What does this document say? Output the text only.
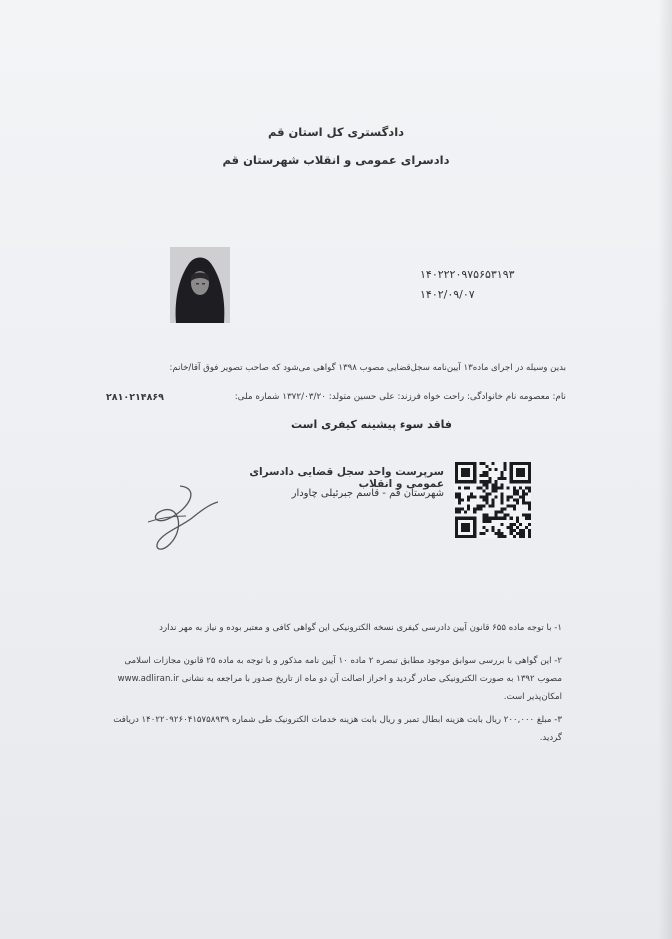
دادگستری کل استان قم
دادسرای عمومی و انقلاب شهرستان قم
۱۴۰۲۲۲۰۹۷۵۶۵۳۱۹۳
۱۴۰۲/۰۹/۰۷
بدین وسیله در اجرای ماده۱۳ آیین‌نامه سجل‌قضایی مصوب ۱۳۹۸ گواهی می‌شود که صاحب تصویر فوق آقا/خانم:
نام: معصومه نام خانوادگی: راحت خواه فرزند: علی حسین متولد: ۱۳۷۲/۰۳/۲۰ شماره ملی:
۲۸۱۰۲۱۴۸۶۹
فاقد سوء پیشینه کیفری است
سرپرست واحد سجل قضایی دادسرای عمومی و انقلاب
شهرستان قم - قاسم جبرئیلی چاودار
۱- با توجه ماده ۶۵۵ قانون آیین دادرسی کیفری نسخه الکترونیکی این گواهی کافی و معتبر بوده و نیاز به مهر ندارد
۲- این گواهی با بررسی سوابق موجود مطابق تبصره ۲ ماده ۱۰ آیین نامه مذکور و با توجه به ماده ۲۵ قانون مجازات اسلامی مصوب ۱۳۹۲ به صورت الکترونیکی صادر گردید و احراز اصالت آن دو ماه از تاریخ صدور با مراجعه به نشانی www.adliran.ir امکان‌پذیر است.
۳- مبلغ ۲۰۰,۰۰۰ ریال بابت هزینه ابطال تمبر و ریال بابت هزینه خدمات الکترونیک طی شماره ۱۴۰۲۲۰۹۲۶۰۴۱۵۷۵۸۹۳۹ دریافت گردید.
